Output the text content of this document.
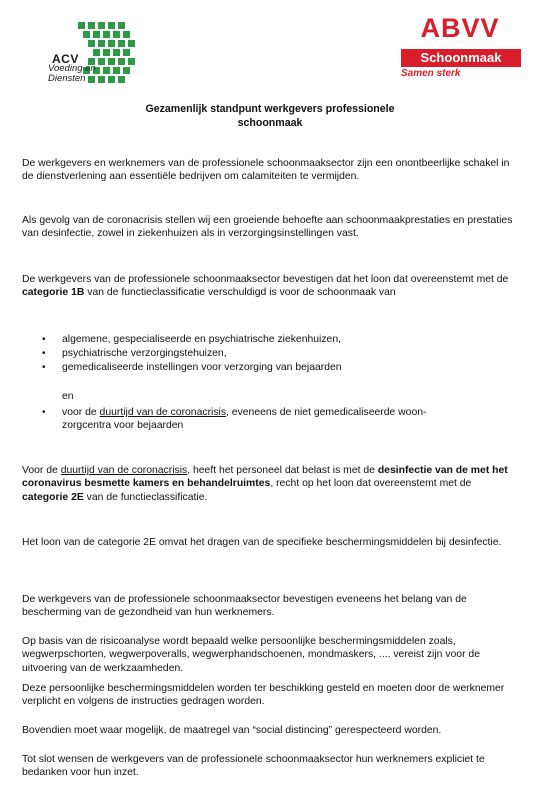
ACV
Voeding en
Diensten
ABVV
Schoonmaak
Samen sterk
Gezamenlijk standpunt werkgevers professionele
schoonmaak
De werkgevers en werknemers van de professionele schoonmaaksector zijn een onontbeerlijke schakel in de dienstverlening aan essentiële bedrijven om calamiteiten te vermijden.
Als gevolg van de coronacrisis stellen wij een groeiende behoefte aan schoonmaakprestaties en prestaties van desinfectie, zowel in ziekenhuizen als in verzorgingsinstellingen vast.
De werkgevers van de professionele schoonmaaksector bevestigen dat het loon dat overeenstemt met de categorie 1B van de functieclassificatie verschuldigd is voor de schoonmaak van
• algemene, gespecialiseerde en psychiatrische ziekenhuizen,
• psychiatrische verzorgingstehuizen,
• gemedicaliseerde instellingen voor verzorging van bejaarden
en
• voor de duurtijd van de coronacrisis, eveneens de niet gemedicaliseerde woon-zorgcentra voor bejaarden
Voor de duurtijd van de coronacrisis, heeft het personeel dat belast is met de desinfectie van de met het coronavirus besmette kamers en behandelruimtes, recht op het loon dat overeenstemt met de categorie 2E van de functieclassificatie.
Het loon van de categorie 2E omvat het dragen van de specifieke beschermingsmiddelen bij desinfectie.
De werkgevers van de professionele schoonmaaksector bevestigen eveneens het belang van de bescherming van de gezondheid van hun werknemers.
Op basis van de risicoanalyse wordt bepaald welke persoonlijke beschermingsmiddelen zoals, wegwerpschorten, wegwerpoveralls, wegwerphandschoenen, mondmaskers, .... vereist zijn voor de uitvoering van de werkzaamheden.
Deze persoonlijke beschermingsmiddelen worden ter beschikking gesteld en moeten door de werknemer verplicht en volgens de instructies gedragen worden.
Bovendien moet waar mogelijk, de maatregel van “social distincing” gerespecteerd worden.
Tot slot wensen de werkgevers van de professionele schoonmaaksector hun werknemers expliciet te bedanken voor hun inzet.
